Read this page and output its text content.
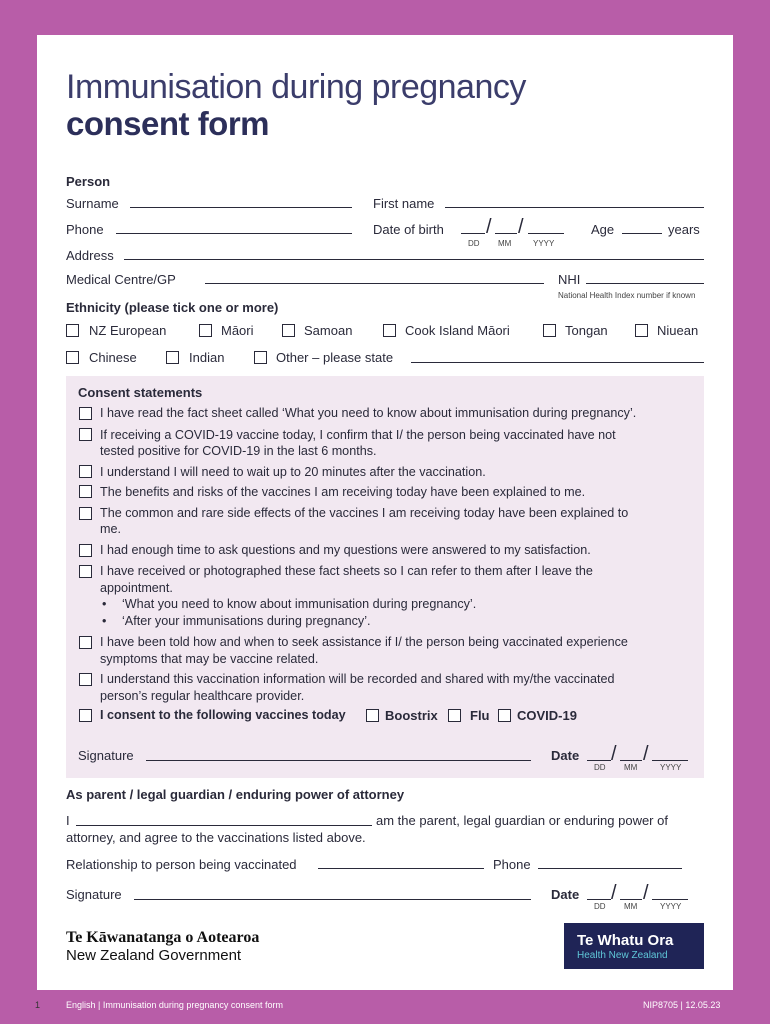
Immunisation during pregnancy
consent form
Person
Surname	First name
Phone	Date of birth / /
DD MM	YYYY
Age	years
Address
Medical Centre/GP	NHI
National Health Index number if known
Ethnicity (please tick one or more)
NZ European	Māori	Samoan	Cook Island Māori	Tongan	Niuean
Chinese	Indian	Other – please state
Consent statements
I have read the fact sheet called ‘What you need to know about immunisation during pregnancy’.
If receiving a COVID-19 vaccine today, I confirm that I/ the person being vaccinated have not
tested positive for COVID-19 in the last 6 months.
I understand I will need to wait up to 20 minutes after the vaccination.
The benefits and risks of the vaccines I am receiving today have been explained to me.
The common and rare side effects of the vaccines I am receiving today have been explained to
me.
I had enough time to ask questions and my questions were answered to my satisfaction.
I have received or photographed these fact sheets so I can refer to them after I leave the
appointment.
•	‘What you need to know about immunisation during pregnancy’.
•	‘After your immunisations during pregnancy’.
I have been told how and when to seek assistance if I/ the person being vaccinated experience
symptoms that may be vaccine related.
I understand this vaccination information will be recorded and shared with my/the vaccinated
person’s regular healthcare provider.
I consent to the following vaccines today	Boostrix Flu COVID-19
Signature	Date / /
DD MM	YYYY
As parent / legal guardian / enduring power of attorney
I	am the parent, legal guardian or enduring power of
attorney, and agree to the vaccinations listed above.
Relationship to person being vaccinated	Phone
Signature	Date / /
DD MM	YYYY
Te Kāwanatanga o Aotearoa
New Zealand Government
Te Whatu Ora
Health New Zealand
1	English | Immunisation during pregnancy consent form	NIP8705 | 12.05.23
